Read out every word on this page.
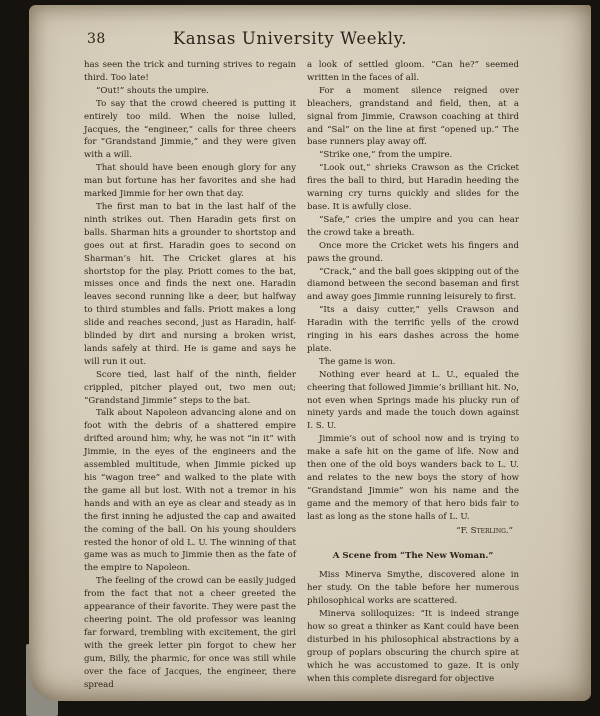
38	Kansas University Weekly.

has seen the trick and turning strives to regain third. Too late!

“Out!” shouts the umpire.

To say that the crowd cheered is putting it entirely too mild. When the noise lulled, Jacques, the “engineer,” calls for three cheers for “Grandstand Jimmie,” and they were given with a will.

That should have been enough glory for any man but fortune has her favorites and she had marked Jimmie for her own that day.

The first man to bat in the last half of the ninth strikes out. Then Haradin gets first on balls. Sharman hits a grounder to shortstop and goes out at first. Haradin goes to second on Sharman’s hit. The Cricket glares at his shortstop for the play. Priott comes to the bat, misses once and finds the next one. Haradin leaves second running like a deer, but halfway to third stumbles and falls. Priott makes a long slide and reaches second, just as Haradin, half-blinded by dirt and nursing a broken wrist, lands safely at third. He is game and says he will run it out.

Score tied, last half of the ninth, fielder crippled, pitcher played out, two men out; “Grandstand Jimmie” steps to the bat.

Talk about Napoleon advancing alone and on foot with the debris of a shattered empire drifted around him; why, he was not “in it” with Jimmie, in the eyes of the engineers and the assembled multitude, when Jimmie picked up his “wagon tree” and walked to the plate with the game all but lost. With not a tremor in his hands and with an eye as clear and steady as in the first inning he adjusted the cap and awaited the coming of the ball. On his young shoulders rested the honor of old L. U. The winning of that game was as much to Jimmie then as the fate of the empire to Napoleon.

The feeling of the crowd can be easily judged from the fact that not a cheer greeted the appearance of their favorite. They were past the cheering point. The old professor was leaning far forward, trembling with excitement, the girl with the greek letter pin forgot to chew her gum, Billy, the pharmic, for once was still while over the face of Jacques, the engineer, there spread

a look of settled gloom. “Can he?” seemed written in the faces of all.

For a moment silence reigned over bleachers, grandstand and field, then, at a signal from Jimmie, Crawson coaching at third and “Sal” on the line at first “opened up.” The base runners play away off.

“Strike one,” from the umpire.

“Look out,” shrieks Crawson as the Cricket fires the ball to third, but Haradin heeding the warning cry turns quickly and slides for the base. It is awfully close.

“Safe,” cries the umpire and you can hear the crowd take a breath.

Once more the Cricket wets his fingers and paws the ground.

“Crack,” and the ball goes skipping out of the diamond between the second baseman and first and away goes Jimmie running leisurely to first.

“Its a daisy cutter,” yells Crawson and Haradin with the terrific yells of the crowd ringing in his ears dashes across the home plate.

The game is won.

Nothing ever heard at L. U., equaled the cheering that followed Jimmie’s brilliant hit. No, not even when Springs made his plucky run of ninety yards and made the touch down against I. S. U.

Jimmie’s out of school now and is trying to make a safe hit on the game of life. Now and then one of the old boys wanders back to L. U. and relates to the new boys the story of how “Grandstand Jimmie” won his name and the game and the memory of that hero bids fair to last as long as the stone halls of L. U.

“F. Sterling.”

A Scene from “The New Woman.”

Miss Minerva Smythe, discovered alone in her study. On the table before her numerous philosophical works are scattered.

Minerva soliloquizes: “It is indeed strange how so great a thinker as Kant could have been disturbed in his philosophical abstractions by a group of poplars obscuring the church spire at which he was accustomed to gaze. It is only when this complete disregard for objective
